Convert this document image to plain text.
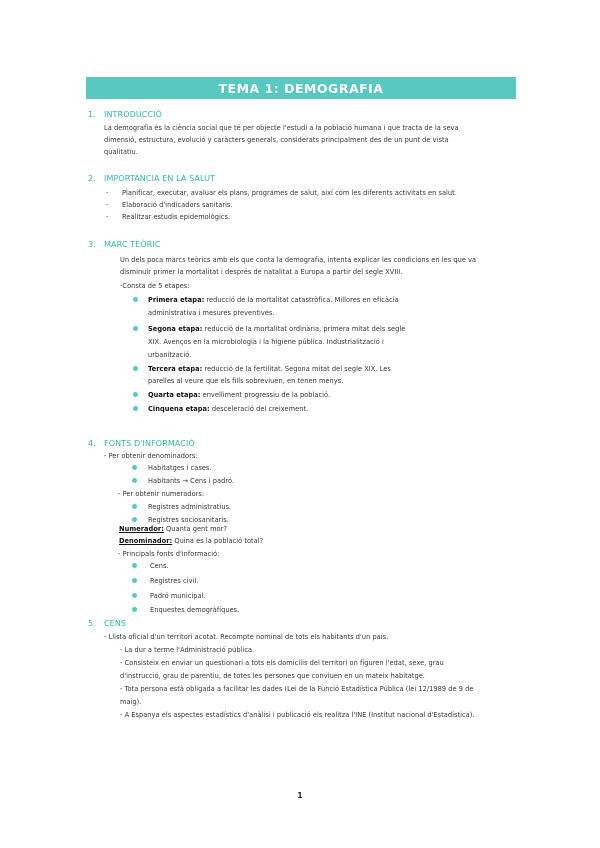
TEMA 1: DEMOGRAFIA
1. INTRODUCCIÓ
La demografia és la ciència social que té per objecte l'estudi a la població humana i que tracta de la seva
dimensió, estructura, evolució y caràcters generals, considerats principalment des de un punt de vista
qualitatiu.
2. IMPORTANCIA EN LA SALUT
- Planificar, executar, avaluar els plans, programes de salut, així com les diferents activitats en salut.
- Elaboració d'indicadors sanitaris.
- Realitzar estudis epidemològics.
3. MARC TEÒRIC
Un dels poca marcs teòrics amb els que conta la demografia, intenta explicar les condicions en les que va
disminuir primer la mortalitat i després de natalitat a Europa a partir del segle XVIII.
-Consta de 5 etapes:
Primera etapa: reducció de la mortalitat catastròfica. Millores en eficàcia
administrativa i mesures preventives.
Segona etapa: reducció de la mortalitat ordinària, primera mitat dels segle
XIX. Avenços en la microbiologia i la higiene pública. Industrialització i
urbanització.
Tercera etapa: reducció de la fertilitat. Segona mitat del segle XIX. Les
parelles al veure que els fills sobreviuen, en tenen menys.
Quarta etapa: envelliment progressiu de la població.
Cinquena etapa: desceleració del creixement.
4. FONTS D'INFORMACIÓ
- Per obtenir denominadors:
Habitatges i cases.
Habitants → Cens i padró.
- Per obtenir numeradors:
Registres administratius.
Registres sociosanitaris.
Numerador: Quanta gent mor?
Denominador: Quina es la població total?
- Principals fonts d'informació:
Cens.
Registres civil.
Padró municipal.
Enquestes demogràfiques.
5. CENS
- Llista oficial d'un territori acotat. Recompte nominal de tots els habitants d'un país.
- La dur a terme l'Administració pública.
- Consisteix en enviar un questionari a tots els domicilis del territori on figuren l'edat, sexe, grau
d'instrucció, grau de parentiu, de totes les persones que conviuen en un mateix habitatge.
- Tota persona està obligada a facilitar les dades (Lei de la Funció Estadística Pública (lei 12/1989 de 9 de
maig).
- A Espanya els aspectes estadístics d'anàlisi i publicació els realitza l'INE (Institut nacional d'Estadística).
1
